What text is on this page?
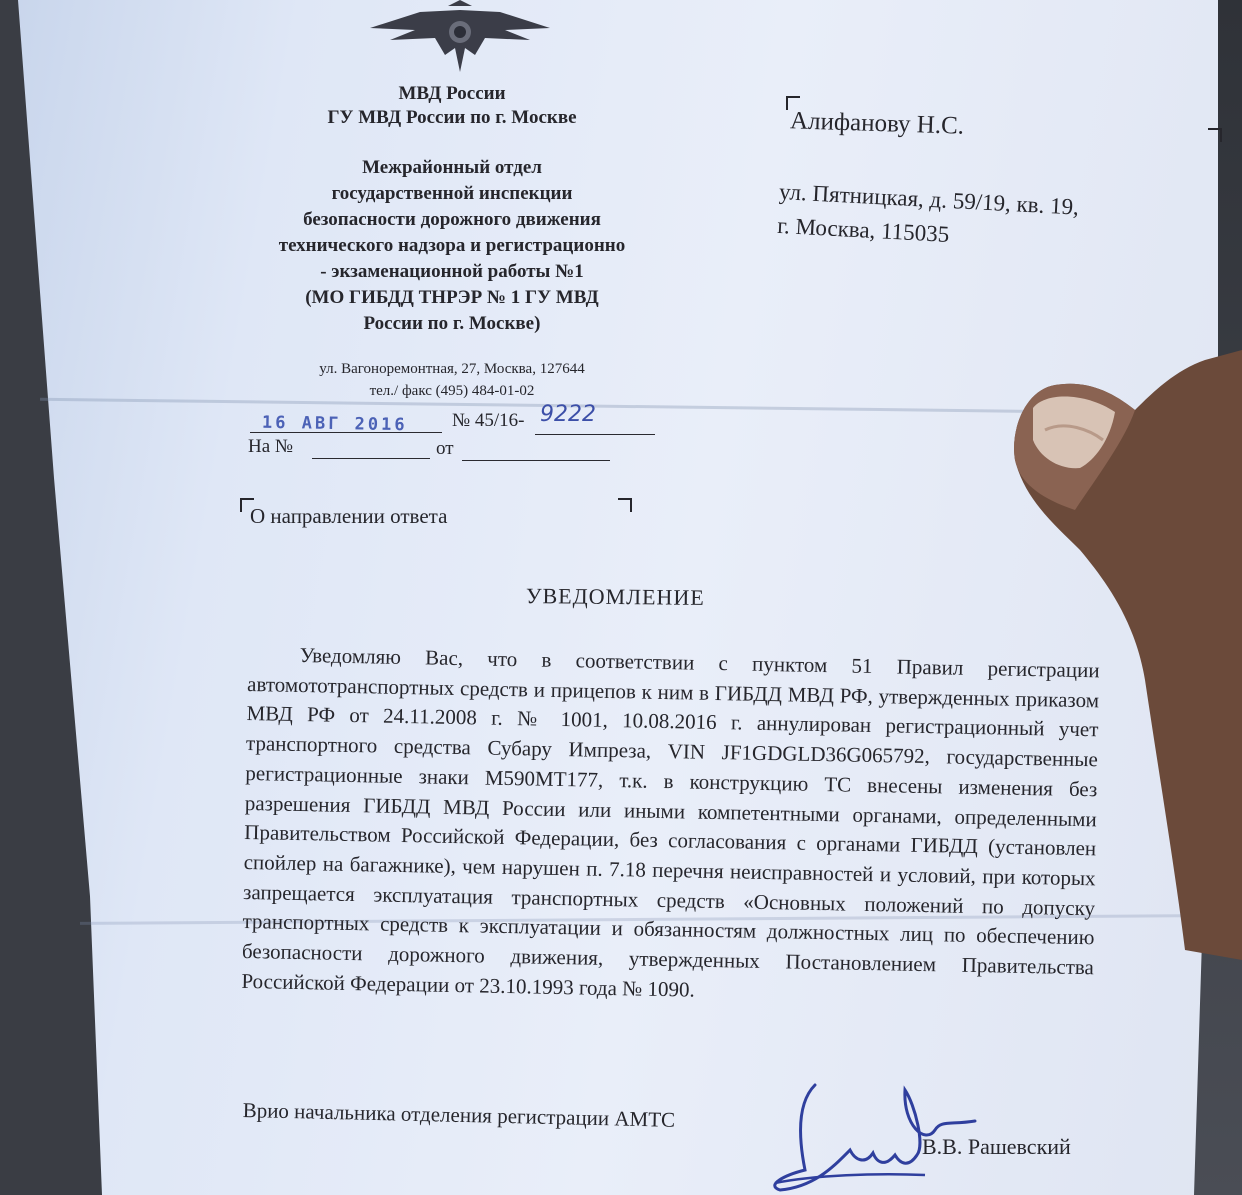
МВД России
ГУ МВД России по г. Москве
Межрайонный отдел
государственной инспекции
безопасности дорожного движения
технического надзора и регистрационно
- экзаменационной работы №1
(МО ГИБДД ТНРЭР № 1 ГУ МВД
России по г. Москве)
ул. Вагоноремонтная, 27, Москва, 127644
тел./ факс (495) 484-01-02
Алифанову Н.С.
ул. Пятницкая, д. 59/19, кв. 19,
г. Москва, 115035
16 АВГ 2016 № 45/16- 9222
На №	от
О направлении ответа
УВЕДОМЛЕНИЕ
Уведомляю Вас, что в соответствии с пунктом 51 Правил регистрации автомототранспортных средств и прицепов к ним в ГИБДД МВД РФ, утвержденных приказом МВД РФ от 24.11.2008 г. № 1001, 10.08.2016 г. аннулирован регистрационный учет транспортного средства Субару Импреза, VIN JF1GDGLD36G065792, государственные регистрационные знаки М590МТ177, т.к. в конструкцию ТС внесены изменения без разрешения ГИБДД МВД России или иными компетентными органами, определенными Правительством Российской Федерации, без согласования с органами ГИБДД (установлен спойлер на багажнике), чем нарушен п. 7.18 перечня неисправностей и условий, при которых запрещается эксплуатация транспортных средств «Основных положений по допуску транспортных средств к эксплуатации и обязанностям должностных лиц по обеспечению безопасности дорожного движения, утвержденных Постановлением Правительства Российской Федерации от 23.10.1993 года № 1090.
Врио начальника отделения регистрации АМТС
В.В. Рашевский
